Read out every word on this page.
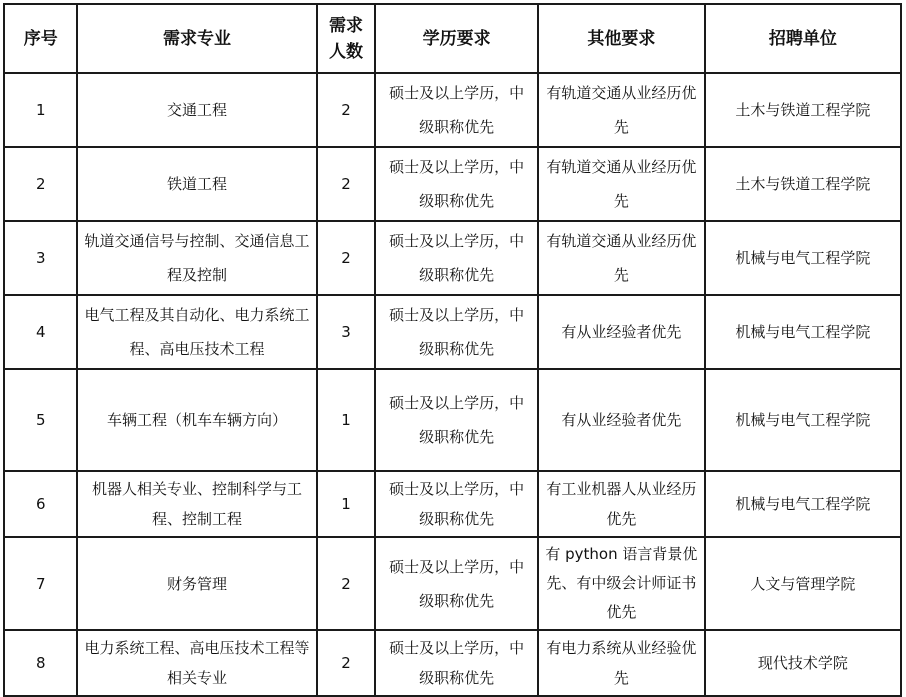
序号	需求专业	需求人数	学历要求	其他要求	招聘单位
1	交通工程	2	硕士及以上学历，中级职称优先	有轨道交通从业经历优先	土木与铁道工程学院
2	铁道工程	2	硕士及以上学历，中级职称优先	有轨道交通从业经历优先	土木与铁道工程学院
3	轨道交通信号与控制、交通信息工程及控制	2	硕士及以上学历，中级职称优先	有轨道交通从业经历优先	机械与电气工程学院
4	电气工程及其自动化、电力系统工程、高电压技术工程	3	硕士及以上学历，中级职称优先	有从业经验者优先	机械与电气工程学院
5	车辆工程（机车车辆方向）	1	硕士及以上学历，中级职称优先	有从业经验者优先	机械与电气工程学院
6	机器人相关专业、控制科学与工程、控制工程	1	硕士及以上学历，中级职称优先	有工业机器人从业经历优先	机械与电气工程学院
7	财务管理	2	硕士及以上学历，中级职称优先	有 python 语言背景优先、有中级会计师证书优先	人文与管理学院
8	电力系统工程、高电压技术工程等相关专业	2	硕士及以上学历，中级职称优先	有电力系统从业经验优先	现代技术学院
